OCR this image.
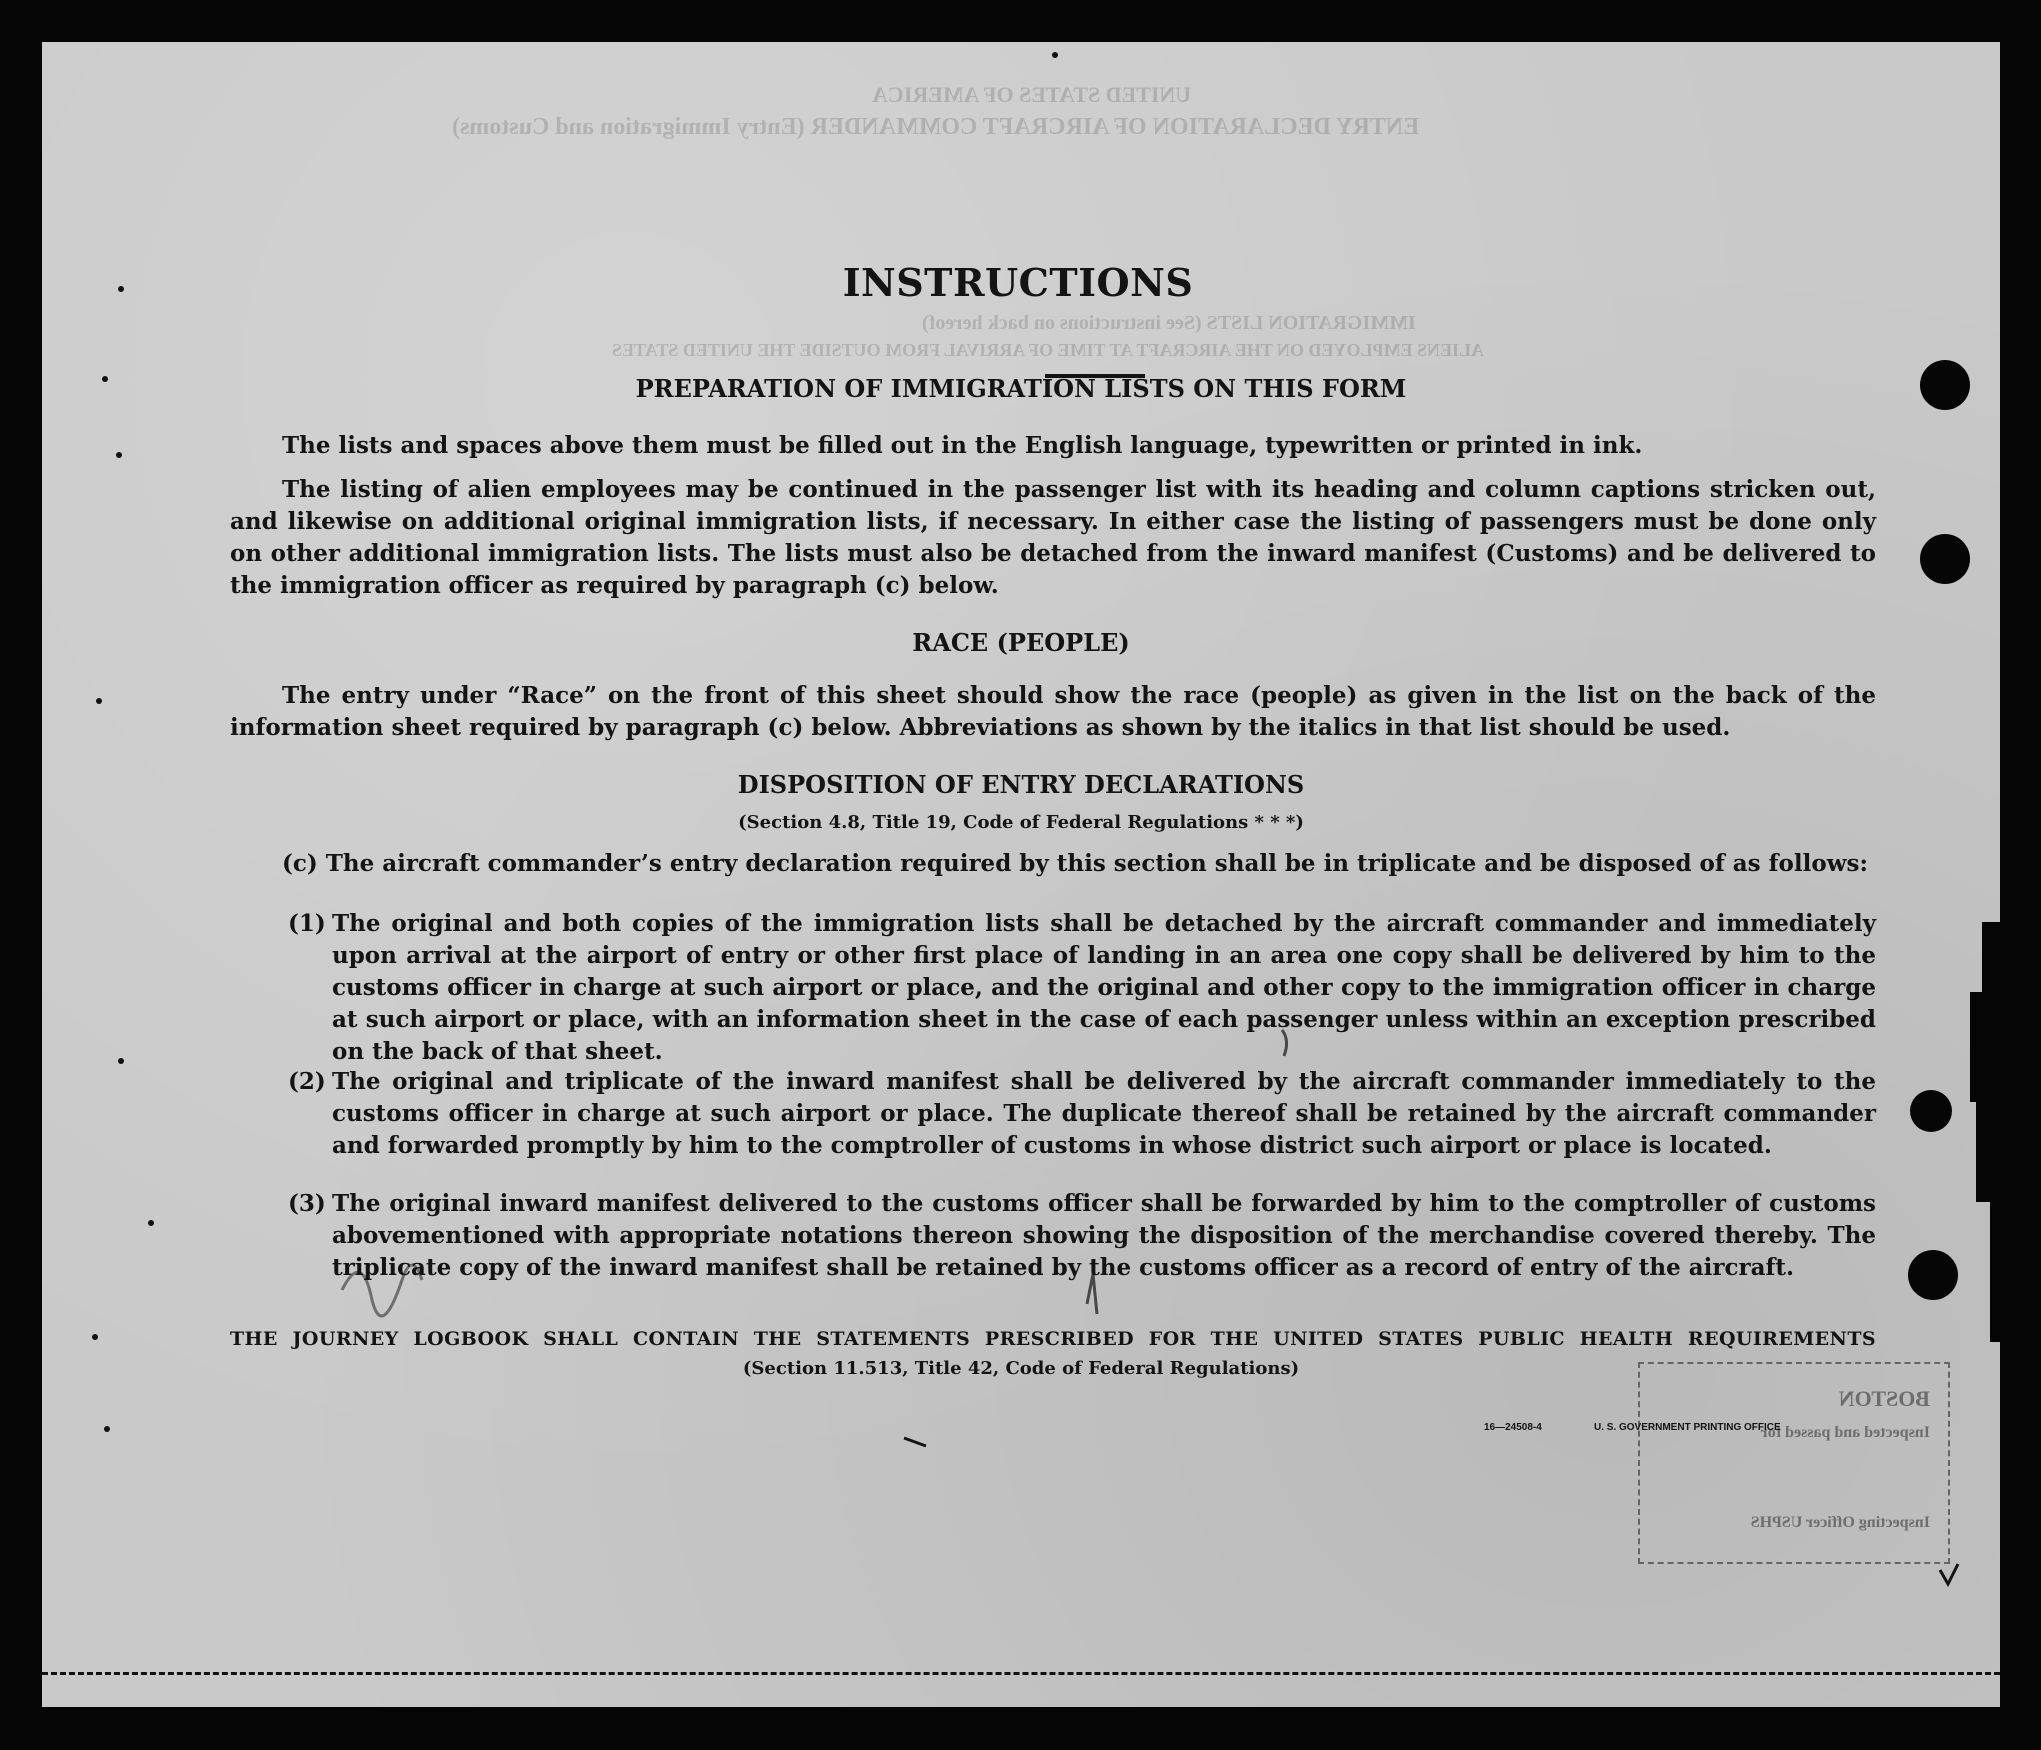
UNITED STATES OF AMERICA
ENTRY DECLARATION OF AIRCRAFT COMMANDER (Entry Immigration and Customs)
IMMIGRATION LISTS (See instructions on back hereof)
ALIENS EMPLOYED ON THE AIRCRAFT AT TIME OF ARRIVAL FROM OUTSIDE THE UNITED STATES
INSTRUCTIONS
PREPARATION OF IMMIGRATION LISTS ON THIS FORM
The lists and spaces above them must be filled out in the English language, typewritten or printed in ink.
The listing of alien employees may be continued in the passenger list with its heading and column captions stricken out, and likewise on additional original immigration lists, if necessary. In either case the listing of passengers must be done only on other additional immigration lists. The lists must also be detached from the inward manifest (Customs) and be delivered to the immigration officer as required by paragraph (c) below.
RACE (PEOPLE)
The entry under “Race” on the front of this sheet should show the race (people) as given in the list on the back of the information sheet required by paragraph (c) below. Abbreviations as shown by the italics in that list should be used.
DISPOSITION OF ENTRY DECLARATIONS
(Section 4.8, Title 19, Code of Federal Regulations * * *)
(c) The aircraft commander’s entry declaration required by this section shall be in triplicate and be disposed of as follows:
(1) The original and both copies of the immigration lists shall be detached by the aircraft commander and immediately upon arrival at the airport of entry or other first place of landing in an area one copy shall be delivered by him to the customs officer in charge at such airport or place, and the original and other copy to the immigration officer in charge at such airport or place, with an information sheet in the case of each passenger unless within an exception prescribed on the back of that sheet.
(2) The original and triplicate of the inward manifest shall be delivered by the aircraft commander immediately to the customs officer in charge at such airport or place. The duplicate thereof shall be retained by the aircraft commander and forwarded promptly by him to the comptroller of customs in whose district such airport or place is located.
(3) The original inward manifest delivered to the customs officer shall be forwarded by him to the comptroller of customs abovementioned with appropriate notations thereon showing the disposition of the merchandise covered thereby. The triplicate copy of the inward manifest shall be retained by the customs officer as a record of entry of the aircraft.
THE JOURNEY LOGBOOK SHALL CONTAIN THE STATEMENTS PRESCRIBED FOR THE UNITED STATES PUBLIC HEALTH REQUIREMENTS
(Section 11.513, Title 42, Code of Federal Regulations)
16—24508-4	U. S. GOVERNMENT PRINTING OFFICE
BOSTON
Inspected and passed for
Inspecting Officer USPHS
